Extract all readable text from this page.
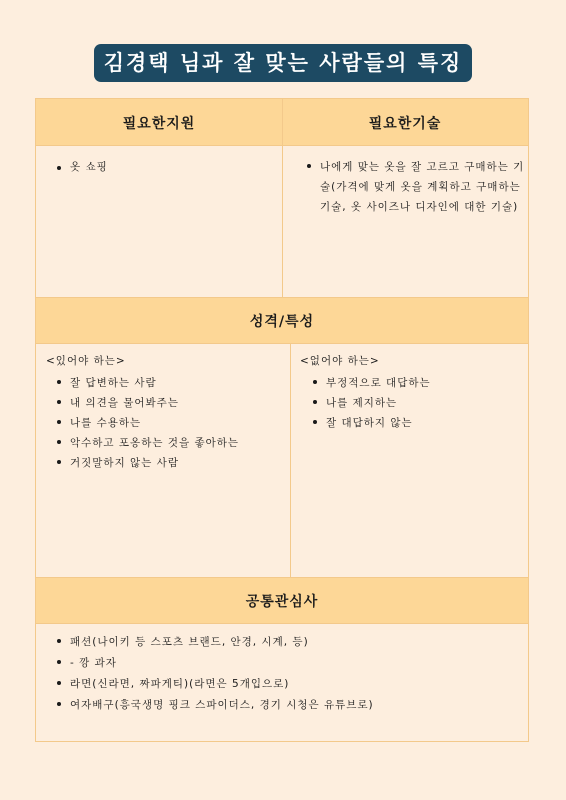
김경택 님과 잘 맞는 사람들의 특징
필요한지원	필요한기술
옷 쇼핑	나에게 맞는 옷을 잘 고르고 구매하는 기술(가격에 맞게 옷을 계획하고 구매하는 기술, 옷 사이즈나 디자인에 대한 기술)
성격/특성
<있어야 하는>
잘 답변하는 사람
내 의견을 물어봐주는
나를 수용하는
악수하고 포옹하는 것을 좋아하는
거짓말하지 않는 사람
<없어야 하는>
부정적으로 대답하는
나를 제지하는
잘 대답하지 않는
공통관심사
패션(나이키 등 스포츠 브랜드, 안경, 시계, 등)
- 깡 과자
라면(신라면, 짜파게티)(라면은 5개입으로)
여자배구(흥국생명 핑크 스파이더스, 경기 시청은 유튜브로)
